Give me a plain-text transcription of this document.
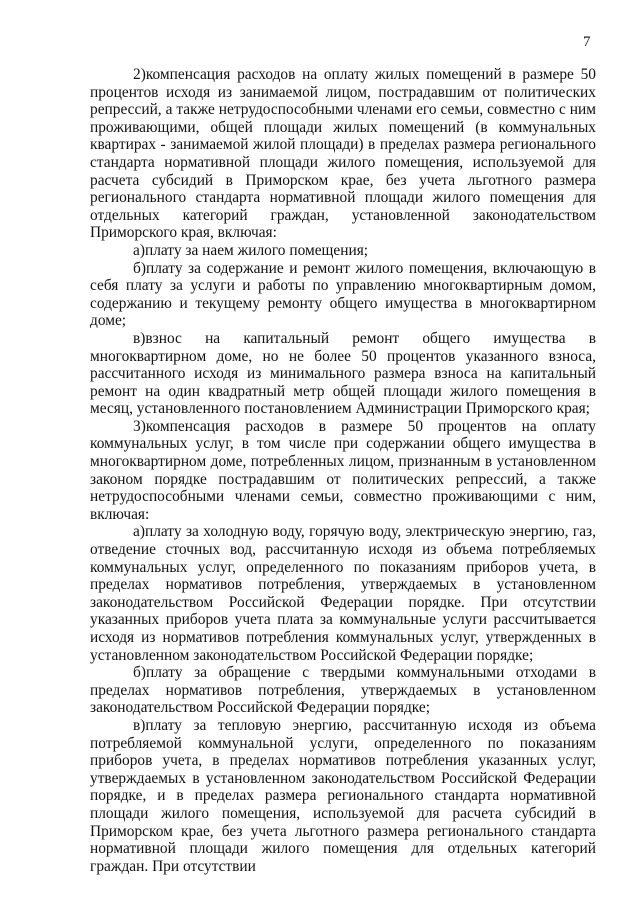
7

2)компенсация расходов на оплату жилых помещений в размере 50 процентов исходя из занимаемой лицом, пострадавшим от политических репрессий, а также нетрудоспособными членами его семьи, совместно с ним проживающими, общей площади жилых помещений (в коммунальных квартирах - занимаемой жилой площади) в пределах размера регионального стандарта нормативной площади жилого помещения, используемой для расчета субсидий в Приморском крае, без учета льготного размера регионального стандарта нормативной площади жилого помещения для отдельных категорий граждан, установленной законодательством Приморского края, включая:

а)плату за наем жилого помещения;

б)плату за содержание и ремонт жилого помещения, включающую в себя плату за услуги и работы по управлению многоквартирным домом, содержанию и текущему ремонту общего имущества в многоквартирном доме;

в)взнос на капитальный ремонт общего имущества в многоквартирном доме, но не более 50 процентов указанного взноса, рассчитанного исходя из минимального размера взноса на капитальный ремонт на один квадратный метр общей площади жилого помещения в месяц, установленного постановлением Администрации Приморского края;

3)компенсация расходов в размере 50 процентов на оплату коммунальных услуг, в том числе при содержании общего имущества в многоквартирном доме, потребленных лицом, признанным в установленном законом порядке пострадавшим от политических репрессий, а также нетрудоспособными членами семьи, совместно проживающими с ним, включая:

а)плату за холодную воду, горячую воду, электрическую энергию, газ, отведение сточных вод, рассчитанную исходя из объема потребляемых коммунальных услуг, определенного по показаниям приборов учета, в пределах нормативов потребления, утверждаемых в установленном законодательством Российской Федерации порядке. При отсутствии указанных приборов учета плата за коммунальные услуги рассчитывается исходя из нормативов потребления коммунальных услуг, утвержденных в установленном законодательством Российской Федерации порядке;

б)плату за обращение с твердыми коммунальными отходами в пределах нормативов потребления, утверждаемых в установленном законодательством Российской Федерации порядке;

в)плату за тепловую энергию, рассчитанную исходя из объема потребляемой коммунальной услуги, определенного по показаниям приборов учета, в пределах нормативов потребления указанных услуг, утверждаемых в установленном законодательством Российской Федерации порядке, и в пределах размера регионального стандарта нормативной площади жилого помещения, используемой для расчета субсидий в Приморском крае, без учета льготного размера регионального стандарта нормативной площади жилого помещения для отдельных категорий граждан. При отсутствии
